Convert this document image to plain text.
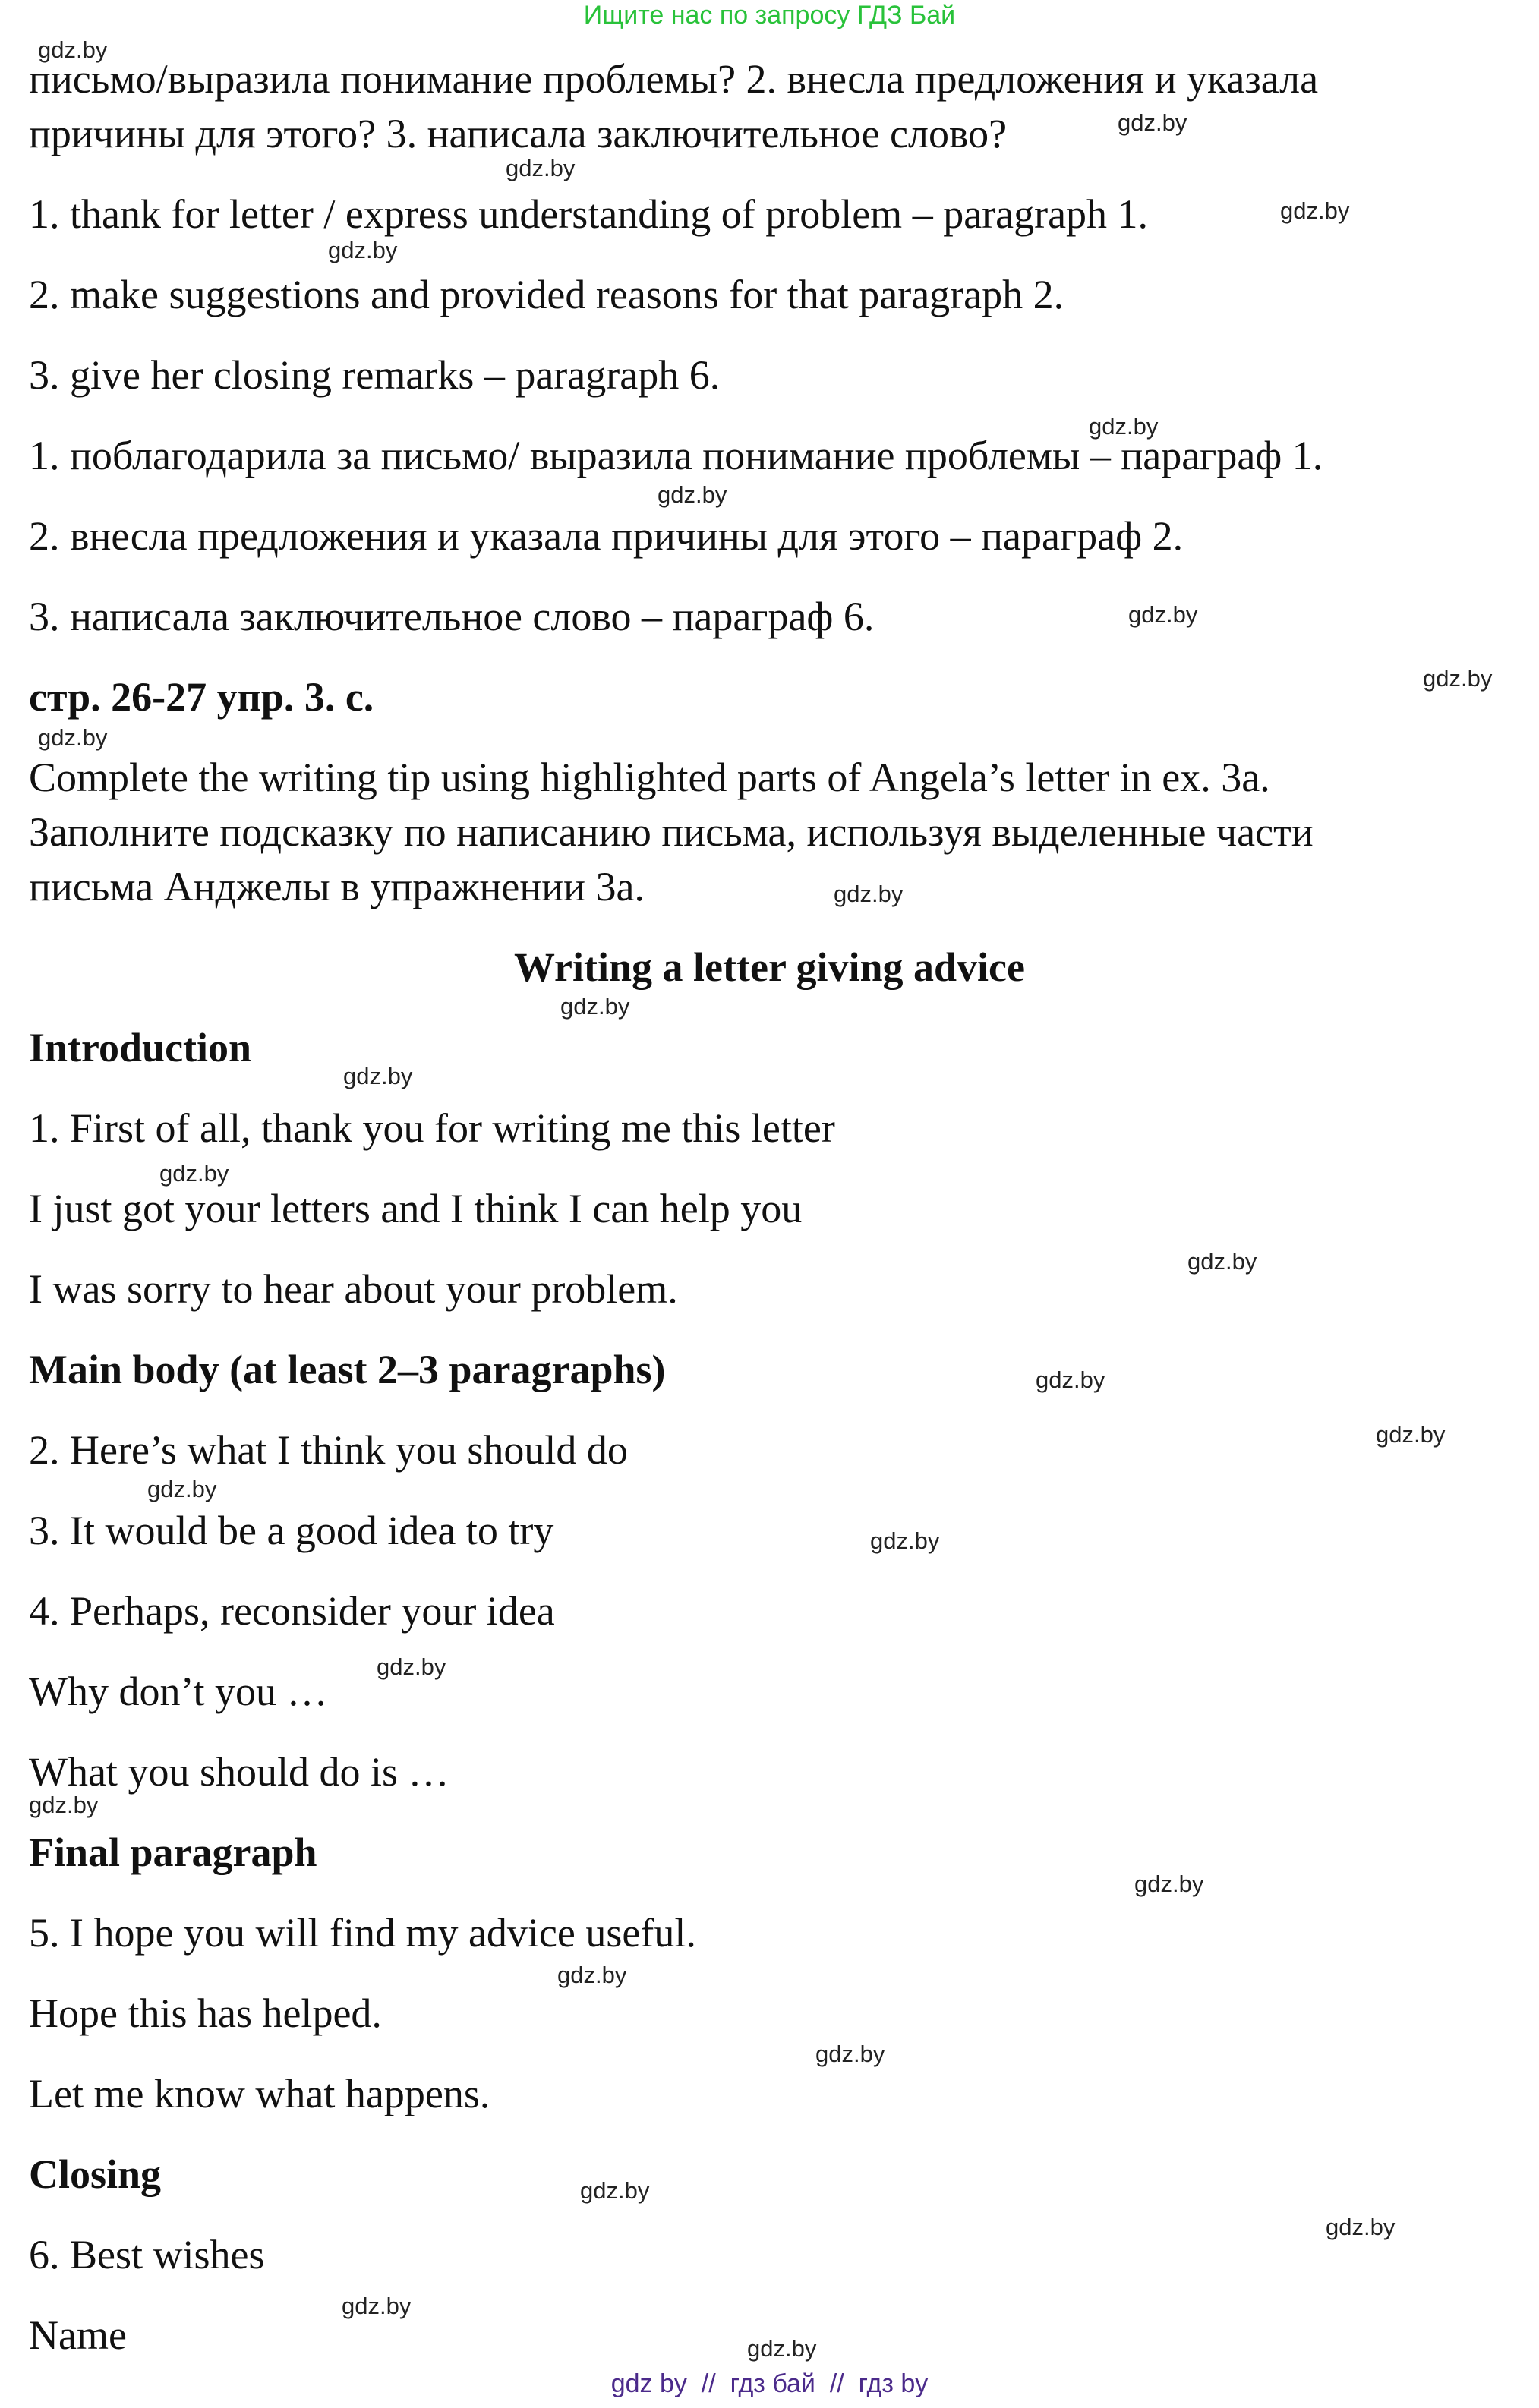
Ищите нас по запросу ГДЗ Бай
письмо/выразила понимание проблемы? 2. внесла предложения и указала
причины для этого? 3. написала заключительное слово?
1. thank for letter / express understanding of problem – paragraph 1.
2. make suggestions and provided reasons for that paragraph 2.
3. give her closing remarks – paragraph 6.
1. поблагодарила за письмо/ выразила понимание проблемы – параграф 1.
2. внесла предложения и указала причины для этого – параграф 2.
3. написала заключительное слово – параграф 6.
стр. 26-27 упр. 3. с.
Complete the writing tip using highlighted parts of Angela’s letter in ex. 3a.
Заполните подсказку по написанию письма, используя выделенные части
письма Анджелы в упражнении 3а.
Writing a letter giving advice
Introduction
1. First of all, thank you for writing me this letter
I just got your letters and I think I can help you
I was sorry to hear about your problem.
Main body (at least 2–3 paragraphs)
2. Here’s what I think you should do
3. It would be a good idea to try
4. Perhaps, reconsider your idea
Why don’t you …
What you should do is …
Final paragraph
5. I hope you will find my advice useful.
Hope this has helped.
Let me know what happens.
Closing
6. Best wishes
Name
gdz.by
gdz.by
gdz.by
gdz.by
gdz.by
gdz.by
gdz.by
gdz.by
gdz.by
gdz.by
gdz.by
gdz.by
gdz.by
gdz.by
gdz.by
gdz.by
gdz.by
gdz.by
gdz.by
gdz.by
gdz.by
gdz.by
gdz.by
gdz.by
gdz.by
gdz.by
gdz.by
gdz.by
gdz by  //  гдз бай  //  гдз by
